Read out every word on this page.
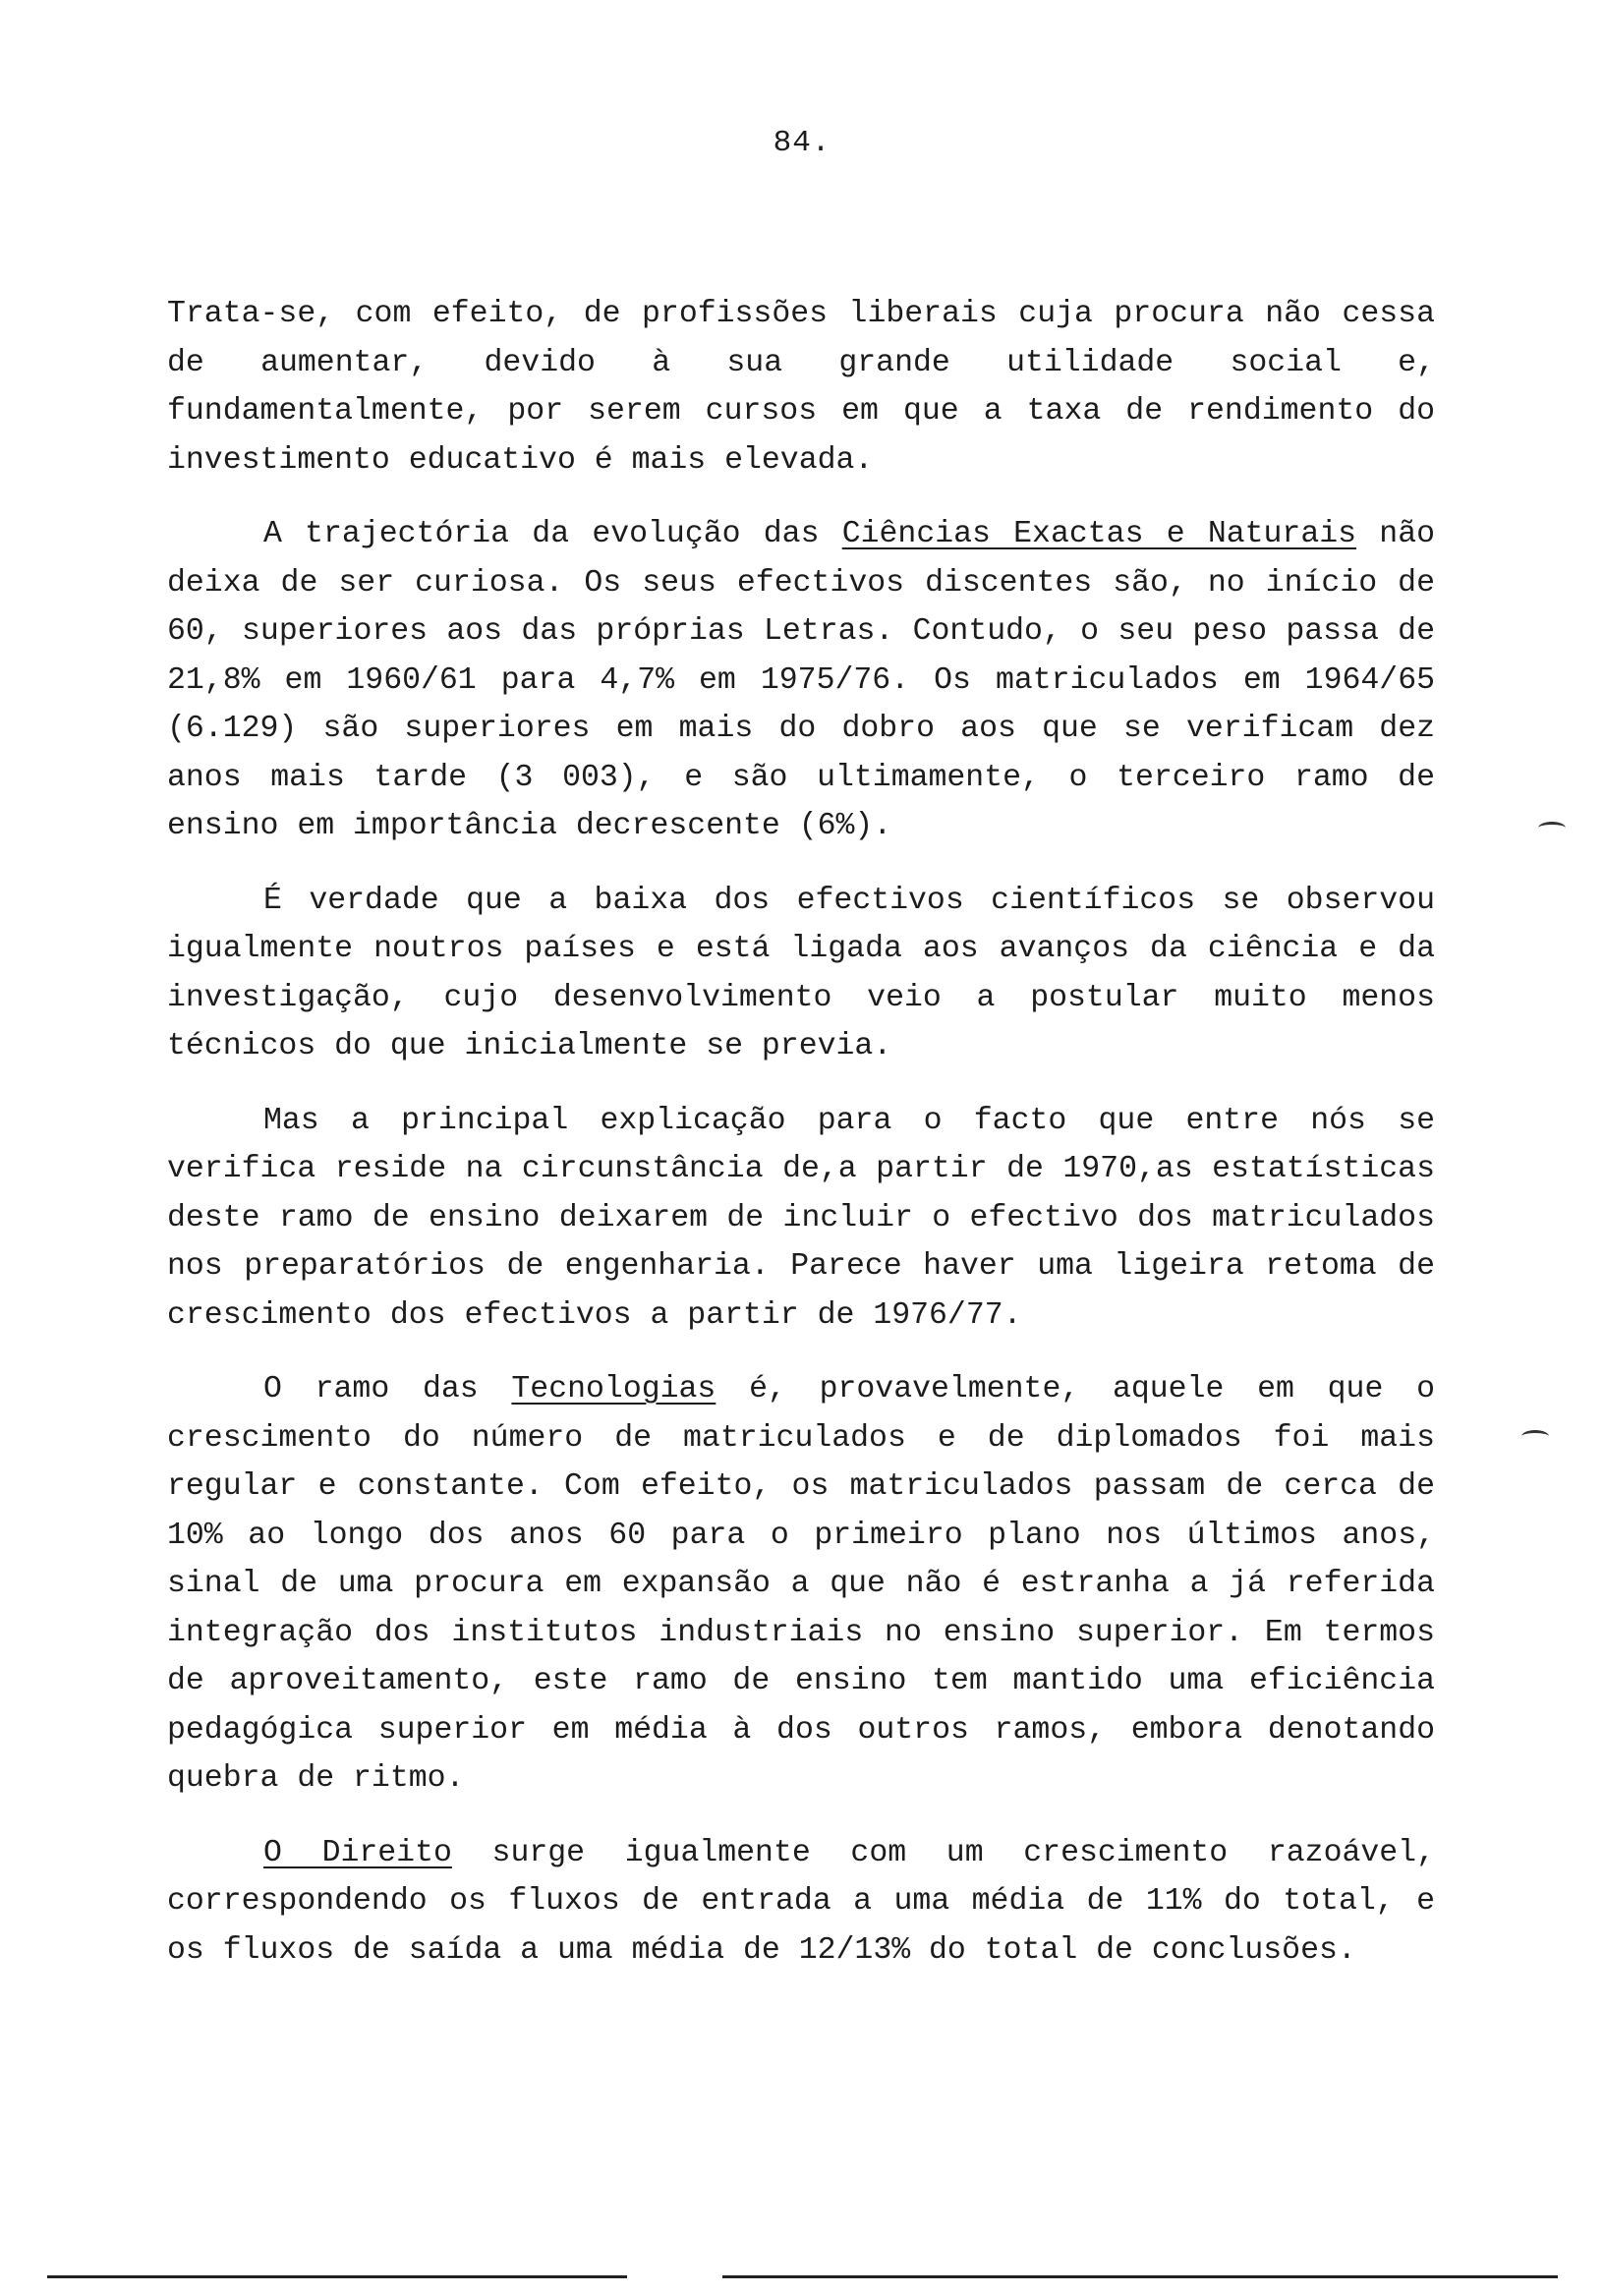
84.

Trata-se, com efeito, de profissões liberais cuja procura não cessa de aumentar, devido à sua grande utilidade social e, fundamentalmente, por serem cursos em que a taxa de rendimento do investimento educativo é mais elevada.

A trajectória da evolução das Ciências Exactas e Naturais não deixa de ser curiosa. Os seus efectivos discentes são, no início de 60, superiores aos das próprias Letras. Contudo, o seu peso passa de 21,8% em 1960/61 para 4,7% em 1975/76. Os matriculados em 1964/65 (6.129) são superiores em mais do dobro aos que se verificam dez anos mais tarde (3 003), e são ultimamente, o terceiro ramo de ensino em importância decrescente (6%).

É verdade que a baixa dos efectivos científicos se observou igualmente noutros países e está ligada aos avanços da ciência e da investigação, cujo desenvolvimento veio a postular muito menos técnicos do que inicialmente se previa.

Mas a principal explicação para o facto que entre nós se verifica reside na circunstância de,a partir de 1970,as estatísticas deste ramo de ensino deixarem de incluir o efectivo dos matriculados nos preparatórios de engenharia. Parece haver uma ligeira retoma de crescimento dos efectivos a partir de 1976/77.

O ramo das Tecnologias é, provavelmente, aquele em que o crescimento do número de matriculados e de diplomados foi mais regular e constante. Com efeito, os matriculados passam de cerca de 10% ao longo dos anos 60 para o primeiro plano nos últimos anos, sinal de uma procura em expansão a que não é estranha a já referida integração dos institutos industriais no ensino superior. Em termos de aproveitamento, este ramo de ensino tem mantido uma eficiência pedagógica superior em média à dos outros ramos, embora denotando quebra de ritmo.

O Direito surge igualmente com um crescimento razoável, correspondendo os fluxos de entrada a uma média de 11% do total, e os fluxos de saída a uma média de 12/13% do total de conclusões.
